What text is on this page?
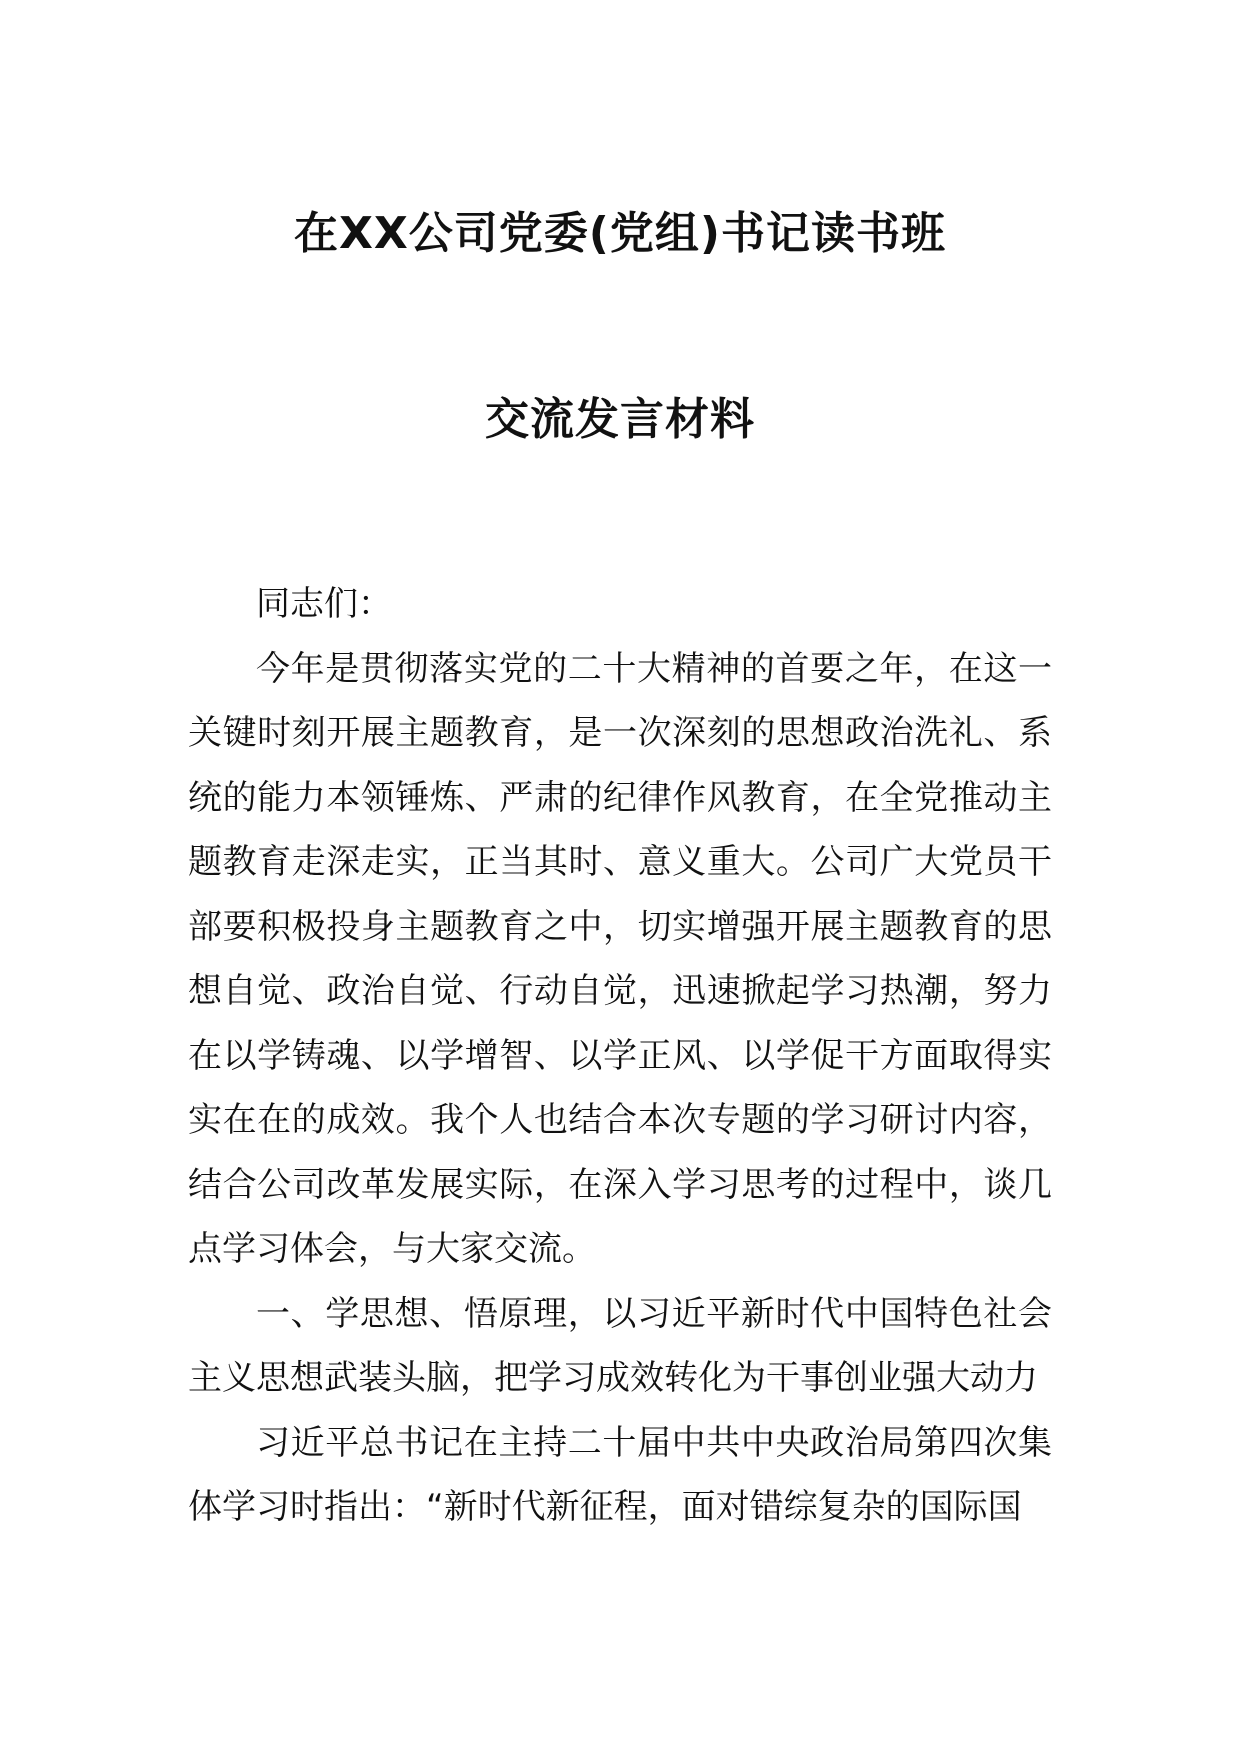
在XX公司党委(党组)书记读书班
交流发言材料

同志们：

今年是贯彻落实党的二十大精神的首要之年，在这一关键时刻开展主题教育，是一次深刻的思想政治洗礼、系统的能力本领锤炼、严肃的纪律作风教育，在全党推动主题教育走深走实，正当其时、意义重大。公司广大党员干部要积极投身主题教育之中，切实增强开展主题教育的思想自觉、政治自觉、行动自觉，迅速掀起学习热潮，努力在以学铸魂、以学增智、以学正风、以学促干方面取得实实在在的成效。我个人也结合本次专题的学习研讨内容，结合公司改革发展实际，在深入学习思考的过程中，谈几点学习体会，与大家交流。

一、学思想、悟原理，以习近平新时代中国特色社会主义思想武装头脑，把学习成效转化为干事创业强大动力

习近平总书记在主持二十届中共中央政治局第四次集体学习时指出：“新时代新征程，面对错综复杂的国际国
